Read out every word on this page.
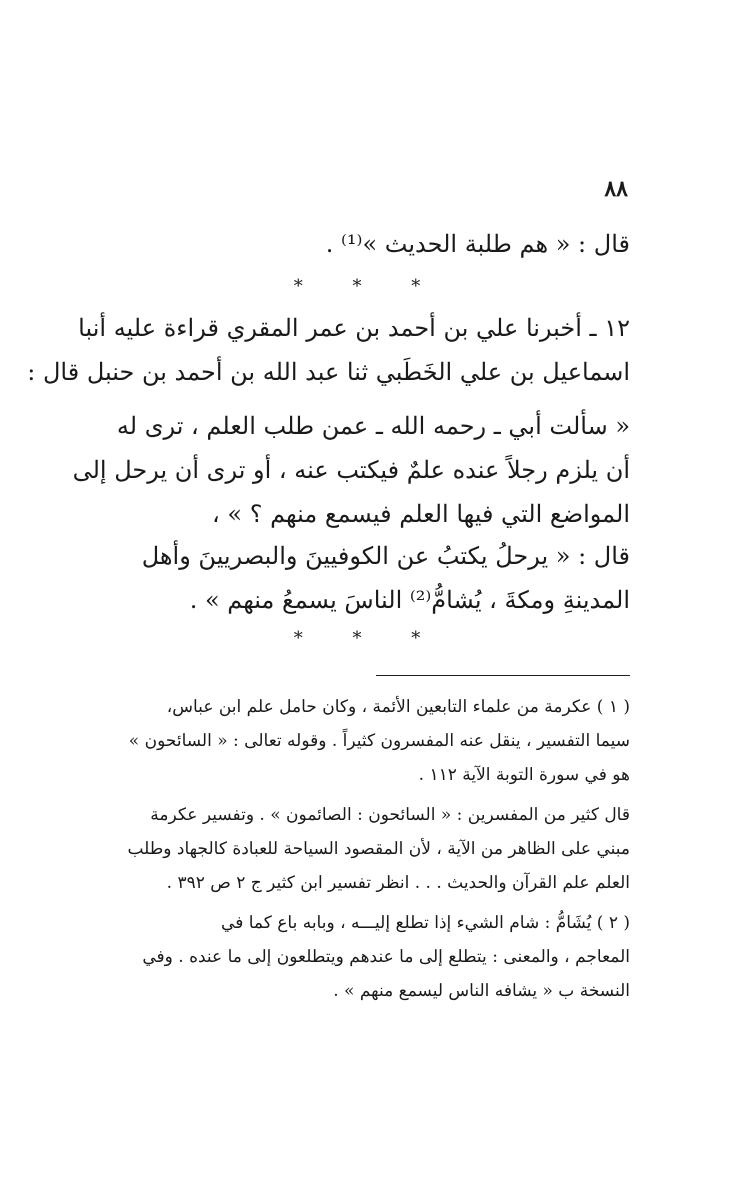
٨٨
قال : « هم طلبة الحديث »⁽¹⁾ .
* * *
١٢ ـ أخبرنا علي بن أحمد بن عمر المقري قراءة عليه أنبا
اسماعيل بن علي الخَطَبي ثنا عبد الله بن أحمد بن حنبل قال :
« سألت أبي ـ رحمه الله ـ عمن طلب العلم ، ترى له
أن يلزم رجلاً عنده علمٌ فيكتب عنه ، أو ترى أن يرحل إلى
المواضع التي فيها العلم فيسمع منهم ؟ » ،
قال : « يرحلُ يكتبُ عن الكوفيينَ والبصريينَ وأهل
المدينةِ ومكةَ ، يُشامُّ⁽²⁾ الناسَ يسمعُ منهم » .
* * *
( ١ ) عكرمة من علماء التابعين الأئمة ، وكان حامل علم ابن عباس،
سيما التفسير ، ينقل عنه المفسرون كثيراً . وقوله تعالى : « السائحون »
هو في سورة التوبة الآية ١١٢ .
قال كثير من المفسرين : « السائحون : الصائمون » . وتفسير عكرمة
مبني على الظاهر من الآية ، لأن المقصود السياحة للعبادة كالجهاد وطلب
العلم علم القرآن والحديث . . . انظر تفسير ابن كثير ج ٢ ص ٣٩٢ .
( ٢ ) يُشَامُّ : شام الشيء إذا تطلع إليـــه ، وبابه باع كما في
المعاجم ، والمعنى : يتطلع إلى ما عندهم ويتطلعون إلى ما عنده . وفي
النسخة ب « يشافه الناس ليسمع منهم » .
